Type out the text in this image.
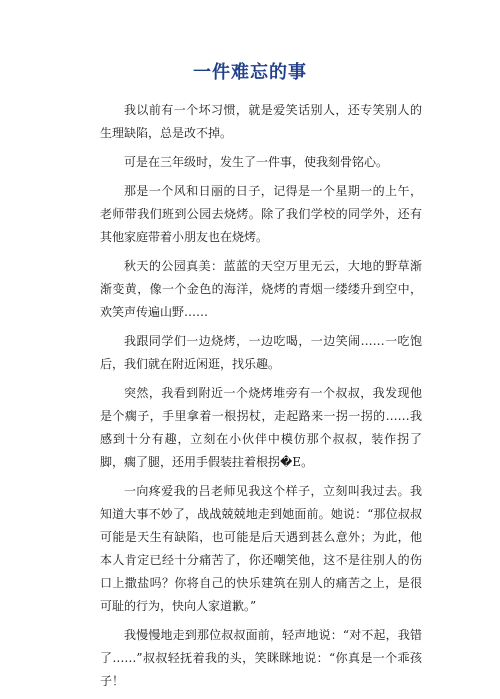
一件难忘的事

我以前有一个坏习惯，就是爱笑话别人，还专笑别人的生理缺陷，总是改不掉。

可是在三年级时，发生了一件事，使我刻骨铭心。

那是一个风和日丽的日子，记得是一个星期一的上午，老师带我们班到公园去烧烤。除了我们学校的同学外，还有其他家庭带着小朋友也在烧烤。

秋天的公园真美：蓝蓝的天空万里无云，大地的野草渐渐变黄，像一个金色的海洋，烧烤的青烟一缕缕升到空中，欢笑声传遍山野……

我跟同学们一边烧烤，一边吃喝，一边笑闹……一吃饱后，我们就在附近闲逛，找乐趣。

突然，我看到附近一个烧烤堆旁有一个叔叔，我发现他是个瘸子，手里拿着一根拐杖，走起路来一拐一拐的……我感到十分有趣，立刻在小伙伴中模仿那个叔叔，装作拐了脚，瘸了腿，还用手假装拄着根拐�E。

一向疼爱我的吕老师见我这个样子，立刻叫我过去。我知道大事不妙了，战战兢兢地走到她面前。她说：“那位叔叔可能是天生有缺陷，也可能是后天遇到甚么意外；为此，他本人肯定已经十分痛苦了，你还嘲笑他，这不是往别人的伤口上撒盐吗？你将自己的快乐建筑在别人的痛苦之上，是很可耻的行为，快向人家道歉。”

我慢慢地走到那位叔叔面前，轻声地说：“对不起，我错了……”叔叔轻抚着我的头，笑眯眯地说：“你真是一个乖孩子！
